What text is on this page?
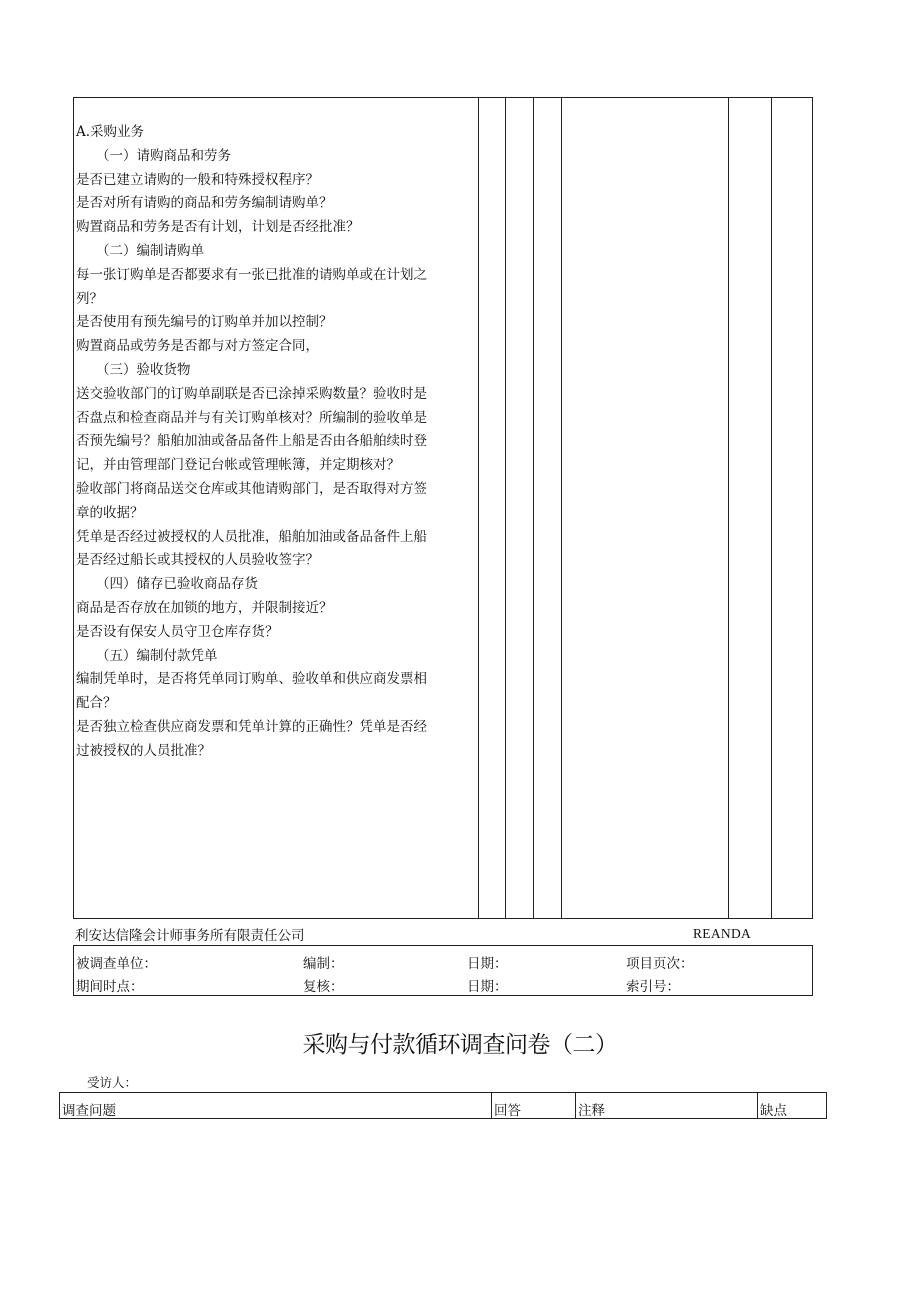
A.采购业务
（一）请购商品和劳务
是否已建立请购的一般和特殊授权程序？
是否对所有请购的商品和劳务编制请购单？
购置商品和劳务是否有计划，计划是否经批准？
（二）编制请购单
每一张订购单是否都要求有一张已批准的请购单或在计划之
列？
是否使用有预先编号的订购单并加以控制？
购置商品或劳务是否都与对方签定合同，
（三）验收货物
送交验收部门的订购单副联是否已涂掉采购数量？验收时是
否盘点和检查商品并与有关订购单核对？所编制的验收单是
否预先编号？船舶加油或备品备件上船是否由各船舶续时登
记，并由管理部门登记台帐或管理帐簿，并定期核对？
验收部门将商品送交仓库或其他请购部门，是否取得对方签
章的收据？
凭单是否经过被授权的人员批准，船舶加油或备品备件上船
是否经过船长或其授权的人员验收签字？
（四）储存已验收商品存货
商品是否存放在加锁的地方，并限制接近？
是否设有保安人员守卫仓库存货？
（五）编制付款凭单
编制凭单时，是否将凭单同订购单、验收单和供应商发票相
配合？
是否独立检查供应商发票和凭单计算的正确性？凭单是否经
过被授权的人员批准？
利安达信隆会计师事务所有限责任公司	REANDA
被调查单位：	编制：	日期：	项目页次：
期间时点：	复核：	日期：	索引号：
采购与付款循环调查问卷（二）
受访人：
调查问题	回答	注释	缺点
